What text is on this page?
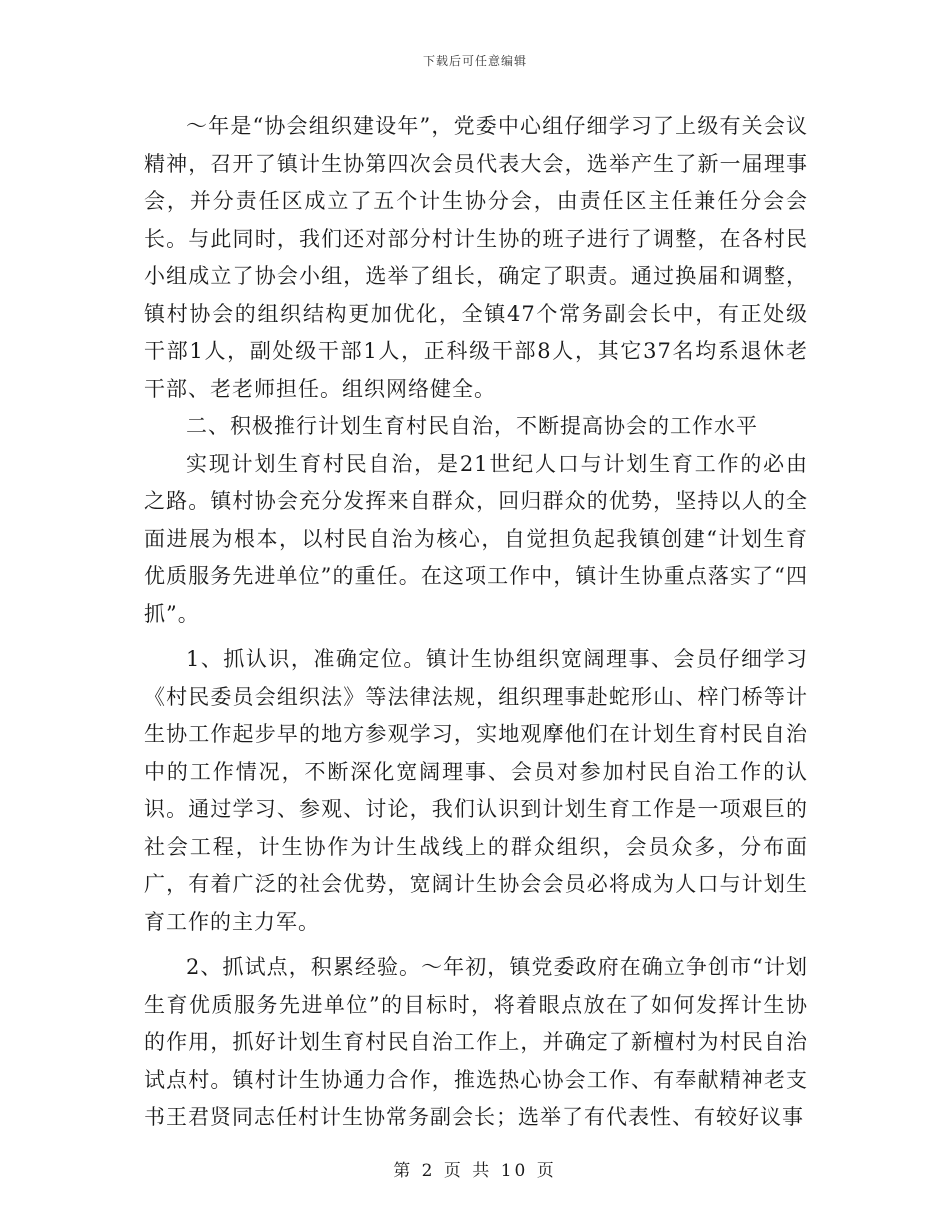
下载后可任意编辑

～年是“协会组织建设年”，党委中心组仔细学习了上级有关会议精神，召开了镇计生协第四次会员代表大会，选举产生了新一届理事会，并分责任区成立了五个计生协分会，由责任区主任兼任分会会长。与此同时，我们还对部分村计生协的班子进行了调整，在各村民小组成立了协会小组，选举了组长，确定了职责。通过换届和调整，镇村协会的组织结构更加优化，全镇47个常务副会长中，有正处级干部1人，副处级干部1人，正科级干部8人，其它37名均系退休老干部、老老师担任。组织网络健全。

二、积极推行计划生育村民自治，不断提高协会的工作水平

实现计划生育村民自治，是21世纪人口与计划生育工作的必由之路。镇村协会充分发挥来自群众，回归群众的优势，坚持以人的全面进展为根本，以村民自治为核心，自觉担负起我镇创建“计划生育优质服务先进单位”的重任。在这项工作中，镇计生协重点落实了“四抓”。

1、抓认识，准确定位。镇计生协组织宽阔理事、会员仔细学习《村民委员会组织法》等法律法规，组织理事赴蛇形山、梓门桥等计生协工作起步早的地方参观学习，实地观摩他们在计划生育村民自治中的工作情况，不断深化宽阔理事、会员对参加村民自治工作的认识。通过学习、参观、讨论，我们认识到计划生育工作是一项艰巨的社会工程，计生协作为计生战线上的群众组织，会员众多，分布面广，有着广泛的社会优势，宽阔计生协会会员必将成为人口与计划生育工作的主力军。

2、抓试点，积累经验。～年初，镇党委政府在确立争创市“计划生育优质服务先进单位”的目标时，将着眼点放在了如何发挥计生协的作用，抓好计划生育村民自治工作上，并确定了新檀村为村民自治试点村。镇村计生协通力合作，推选热心协会工作、有奉献精神老支书王君贤同志任村计生协常务副会长；选举了有代表性、有较好议事

第 2 页 共 10 页
